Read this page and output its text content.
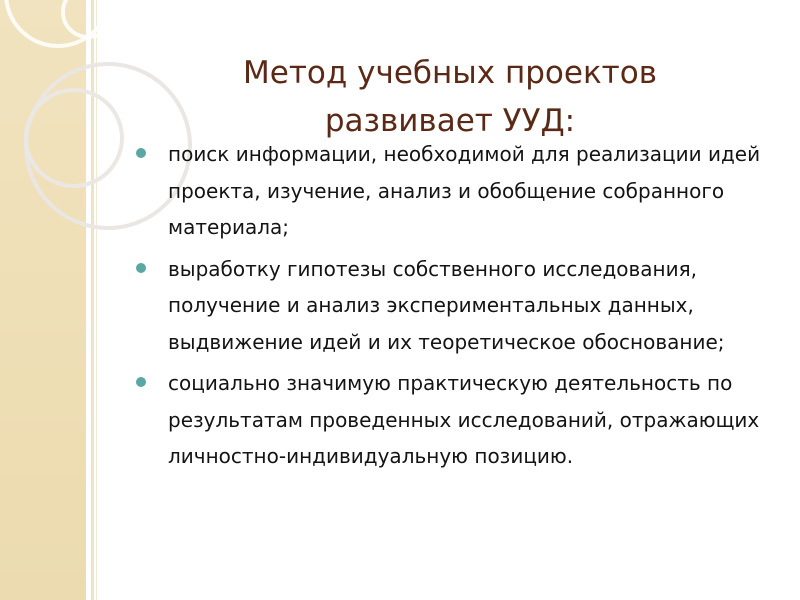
Метод учебных проектов
развивает УУД:
поиск информации, необходимой для реализации идей проекта, изучение, анализ и обобщение собранного материала;
выработку гипотезы собственного исследования, получение и анализ экспериментальных данных, выдвижение идей и их теоретическое обоснование;
социально значимую практическую деятельность по результатам проведенных исследований, отражающих личностно-индивидуальную позицию.
